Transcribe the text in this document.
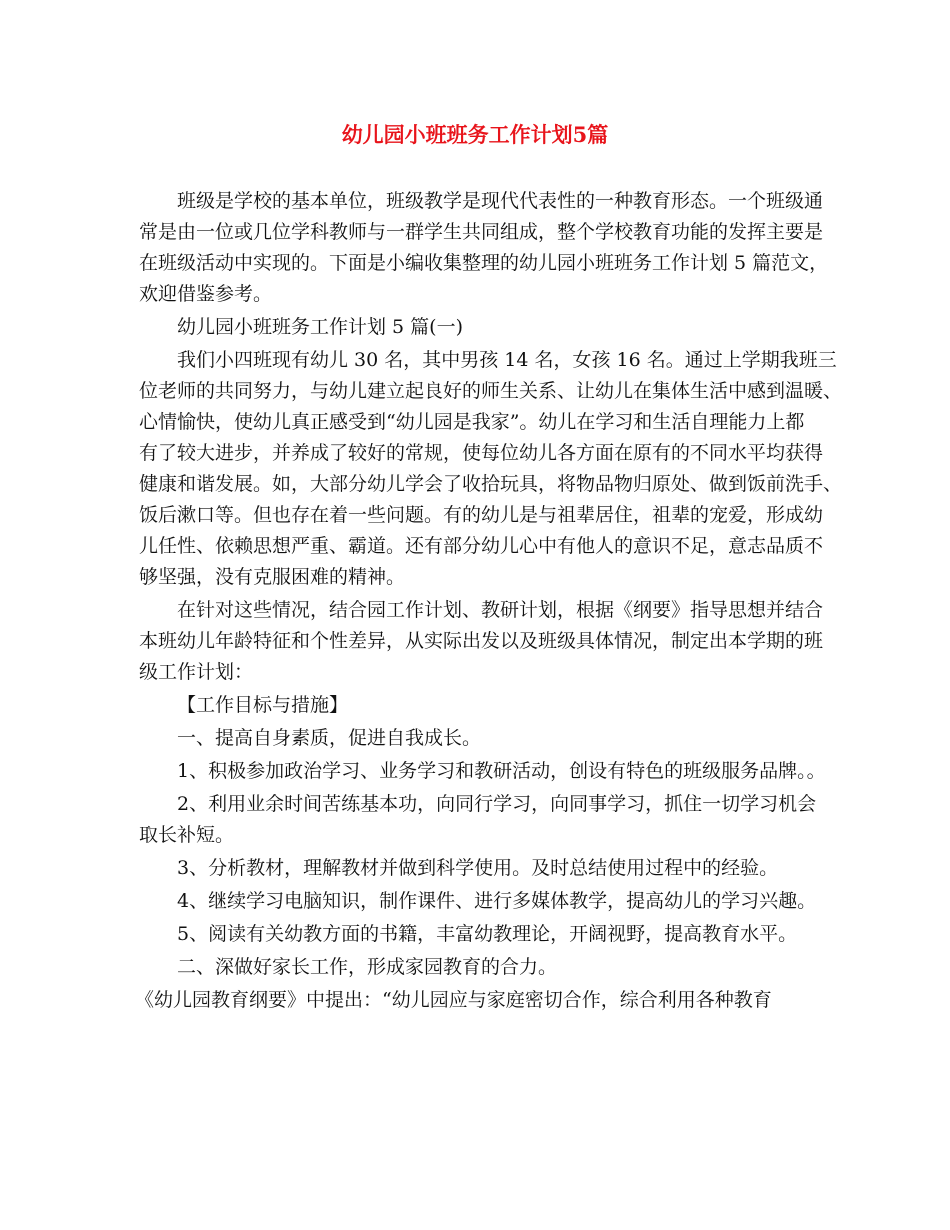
幼儿园小班班务工作计划5篇
班级是学校的基本单位，班级教学是现代代表性的一种教育形态。一个班级通
常是由一位或几位学科教师与一群学生共同组成，整个学校教育功能的发挥主要是
在班级活动中实现的。下面是小编收集整理的幼儿园小班班务工作计划 5 篇范文，
欢迎借鉴参考。
幼儿园小班班务工作计划 5 篇(一)
我们小四班现有幼儿 30 名，其中男孩 14 名，女孩 16 名。通过上学期我班三
位老师的共同努力，与幼儿建立起良好的师生关系、让幼儿在集体生活中感到温暖、
心情愉快，使幼儿真正感受到“幼儿园是我家”。幼儿在学习和生活自理能力上都
有了较大进步，并养成了较好的常规，使每位幼儿各方面在原有的不同水平均获得
健康和谐发展。如，大部分幼儿学会了收拾玩具，将物品物归原处、做到饭前洗手、
饭后漱口等。但也存在着一些问题。有的幼儿是与祖辈居住，祖辈的宠爱，形成幼
儿任性、依赖思想严重、霸道。还有部分幼儿心中有他人的意识不足，意志品质不
够坚强，没有克服困难的精神。
在针对这些情况，结合园工作计划、教研计划，根据《纲要》指导思想并结合
本班幼儿年龄特征和个性差异，从实际出发以及班级具体情况，制定出本学期的班
级工作计划：
【工作目标与措施】
一、提高自身素质，促进自我成长。
1、积极参加政治学习、业务学习和教研活动，创设有特色的班级服务品牌。。
2、利用业余时间苦练基本功，向同行学习，向同事学习，抓住一切学习机会
取长补短。
3、分析教材，理解教材并做到科学使用。及时总结使用过程中的经验。
4、继续学习电脑知识，制作课件、进行多媒体教学，提高幼儿的学习兴趣。
5、阅读有关幼教方面的书籍，丰富幼教理论，开阔视野，提高教育水平。
二、深做好家长工作，形成家园教育的合力。
《幼儿园教育纲要》中提出：“幼儿园应与家庭密切合作，综合利用各种教育
